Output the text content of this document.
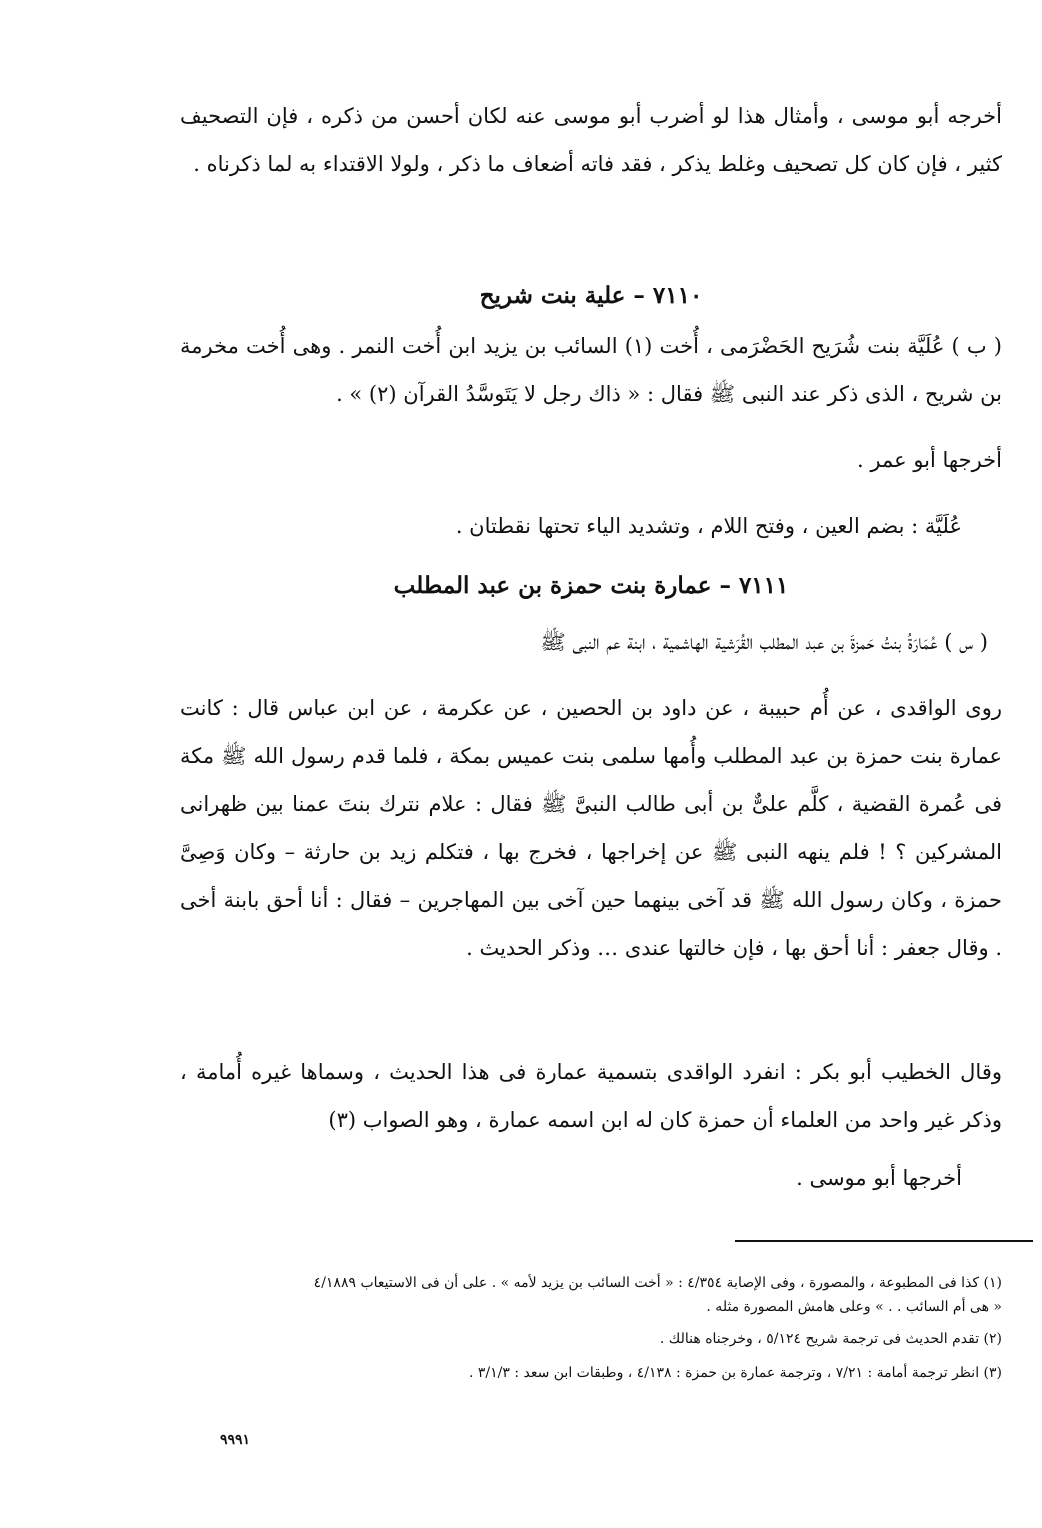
أخرجه أبو موسى ، وأمثال هذا لو أضرب أبو موسى عنه لكان أحسن من ذكره ، فإن التصحيف كثير ، فإن كان كل تصحيف وغلط يذكر ، فقد فاته أضعاف ما ذكر ، ولولا الاقتداء به لما ذكرناه .

٧١١٠ – علية بنت شريح

( ب ) عُلَيَّة بنت شُرَيح الحَضْرَمى ، أُخت (١) السائب بن يزيد ابن أُخت النمر . وهى أُخت مخرمة بن شريح ، الذى ذكر عند النبى ﷺ فقال : « ذاك رجل لا يَتَوسَّدُ القرآن (٢) » .

أخرجها أبو عمر .

عُلَيَّة : بضم العين ، وفتح اللام ، وتشديد الياء تحتها نقطتان .

٧١١١ – عمارة بنت حمزة بن عبد المطلب

( س ) عُمَارَةُ بنتُ حَمزةَ بن عبد المطلب القُرَشية الهاشمية ، ابنة عم النبى ﷺ

روى الواقدى ، عن أُم حبيبة ، عن داود بن الحصين ، عن عكرمة ، عن ابن عباس قال : كانت عمارة بنت حمزة بن عبد المطلب وأُمها سلمى بنت عميس بمكة ، فلما قدم رسول الله ﷺ مكة فى عُمرة القضية ، كلَّم علىٌّ بن أبى طالب النبىَّ ﷺ فقال : علام نترك بنتَ عمنا بين ظهرانى المشركين ؟ ! فلم ينهه النبى ﷺ عن إخراجها ، فخرج بها ، فتكلم زيد بن حارثة – وكان وَصِىَّ حمزة ، وكان رسول الله ﷺ قد آخى بينهما حين آخى بين المهاجرين – فقال : أنا أحق بابنة أخى . وقال جعفر : أنا أحق بها ، فإن خالتها عندى … وذكر الحديث .

وقال الخطيب أبو بكر : انفرد الواقدى بتسمية عمارة فى هذا الحديث ، وسماها غيره أُمامة ، وذكر غير واحد من العلماء أن حمزة كان له ابن اسمه عمارة ، وهو الصواب (٣)

أخرجها أبو موسى .

(١) كذا فى المطبوعة ، والمصورة ، وفى الإصابة ٤/٣٥٤ : « أخت السائب بن يزيد لأمه » . على أن فى الاستيعاب ٤/١٨٨٩
« هى أم السائب . . » وعلى هامش المصورة مثله .
(٢) تقدم الحديث فى ترجمة شريح ٥/١٢٤ ، وخرجناه هنالك .
(٣) انظر ترجمة أمامة : ٧/٢١ ، وترجمة عمارة بن حمزة : ٤/١٣٨ ، وطبقات ابن سعد : ٣/١/٣ .
٩٩٩١
